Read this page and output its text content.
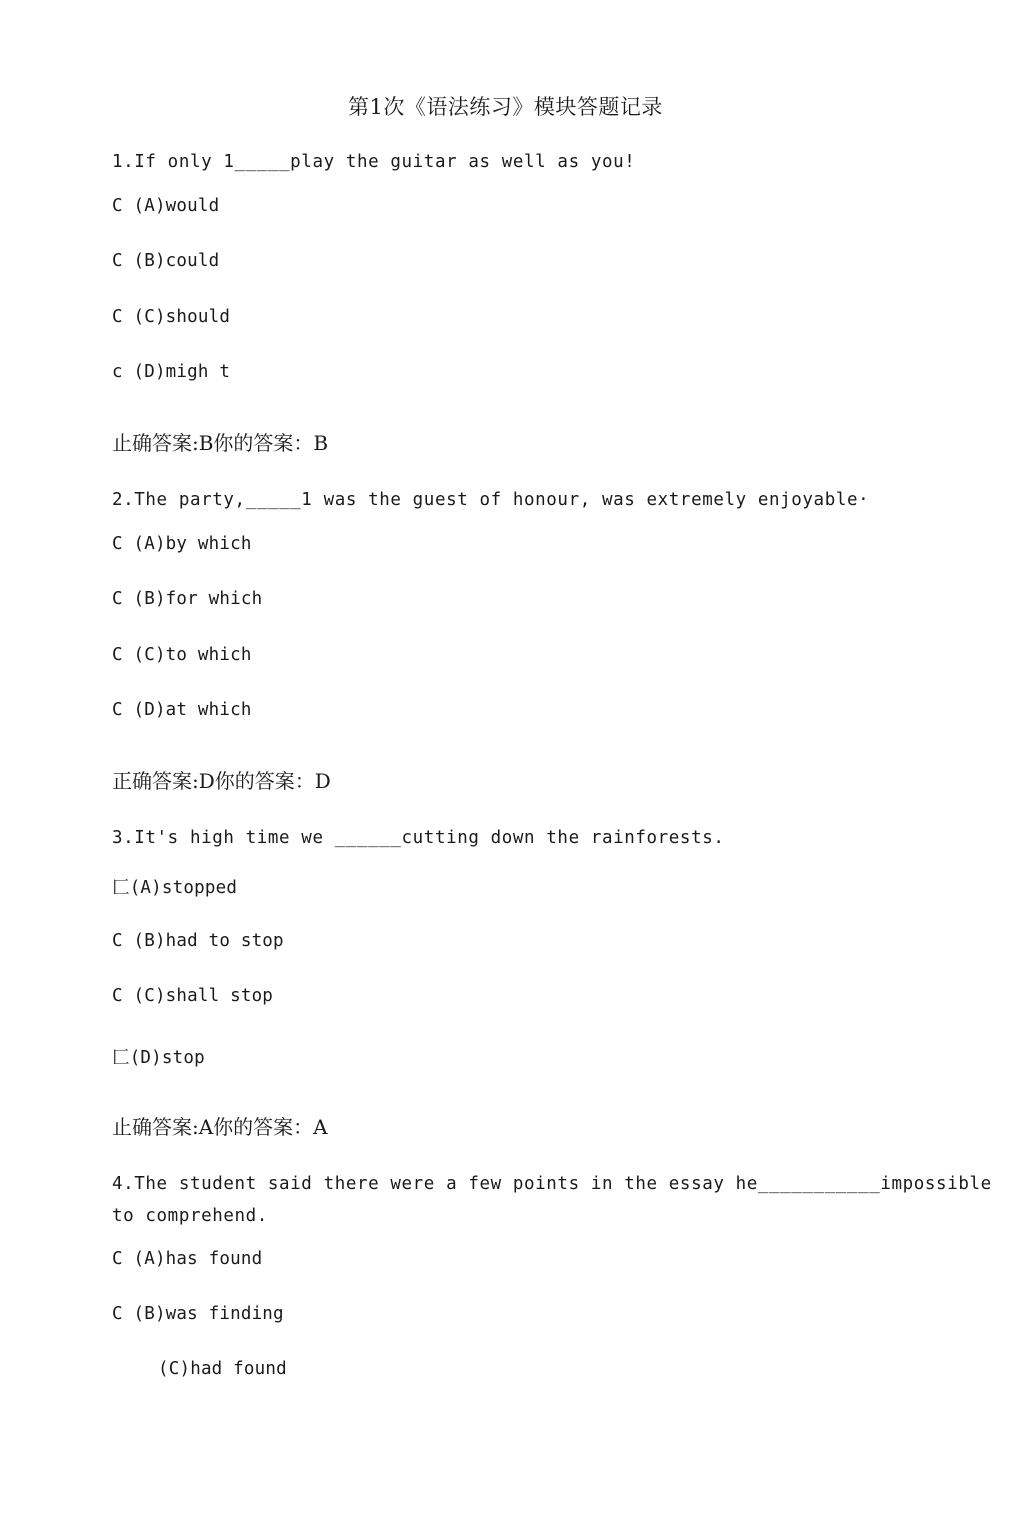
第1次《语法练习》模块答题记录
1.If only 1_____play the guitar as well as you!
C (A)would
C (B)could
C (C)should
c (D)migh t
止确答案:B你的答案：B
2.The party,_____1 was the guest of honour, was extremely enjoyable·
C (A)by which
C (B)for which
C (C)to which
C (D)at which
正确答案:D你的答案：D
3.It's high time we ______cutting down the rainforests.
匚(A)stopped
C (B)had to stop
C (C)shall stop
匚(D)stop
止确答案:A你的答案：A
4.The student said there were a few points in the essay he___________impossible
to comprehend.
C (A)has found
C (B)was finding
(C)had found
